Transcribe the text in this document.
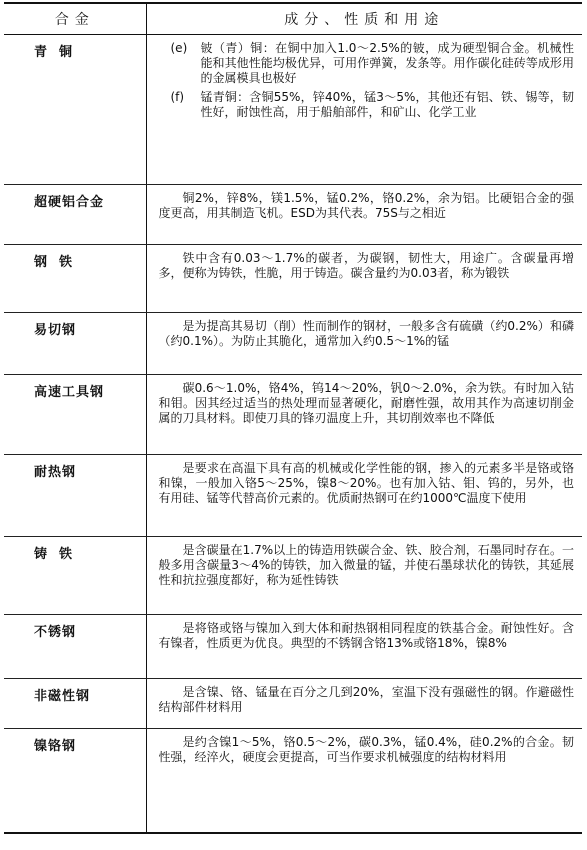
合金	成分、性质和用途
青铜	(e) 铍（青）铜：在铜中加入1.0～2.5%的铍，成为硬型铜合金。机械性能和其他性能均极优异，可用作弹簧，发条等。用作碳化硅砖等成形用的金属模具也极好
(f) 锰青铜：含铜55%，锌40%，锰3～5%，其他还有铝、铁、锡等，韧性好，耐蚀性高，用于船舶部件，和矿山、化学工业

超硬铝合金	铜2%，锌8%，镁1.5%，锰0.2%，铬0.2%，余为铝。比硬铝合金的强度更高，用其制造飞机。ESD为其代表。75S与之相近
钢铁	铁中含有0.03～1.7%的碳者，为碳钢，韧性大，用途广。含碳量再增多，便称为铸铁，性脆，用于铸造。碳含量约为0.03者，称为锻铁
易切钢	是为提高其易切（削）性而制作的钢材，一般多含有硫磺（约0.2%）和磷（约0.1%）。为防止其脆化，通常加入约0.5～1%的锰
高速工具钢	碳0.6～1.0%，铬4%，钨14～20%，钒0～2.0%，余为铁。有时加入钴和钼。因其经过适当的热处理而显著硬化，耐磨性强，故用其作为高速切削金属的刀具材料。即使刀具的锋刃温度上升，其切削效率也不降低
耐热钢	是要求在高温下具有高的机械或化学性能的钢，掺入的元素多半是铬或铬和镍，一般加入铬5～25%，镍8～20%。也有加入钴、钼、钨的，另外，也有用硅、锰等代替高价元素的。优质耐热钢可在约1000℃温度下使用
铸铁	是含碳量在1.7%以上的铸造用铁碳合金、铁、胶合剂，石墨同时存在。一般多用含碳量3～4%的铸铁，加入微量的锰，并使石墨球状化的铸铁，其延展性和抗拉强度都好，称为延性铸铁
不锈钢	是将铬或铬与镍加入到大体和耐热钢相同程度的铁基合金。耐蚀性好。含有镍者，性质更为优良。典型的不锈钢含铬13%或铬18%，镍8%
非磁性钢	是含镍、铬、锰量在百分之几到20%，室温下没有强磁性的钢。作避磁性结构部件材料用
镍铬钢	是约含镍1～5%，铬0.5～2%，碳0.3%，锰0.4%，硅0.2%的合金。韧性强，经淬火，硬度会更提高，可当作要求机械强度的结构材料用
